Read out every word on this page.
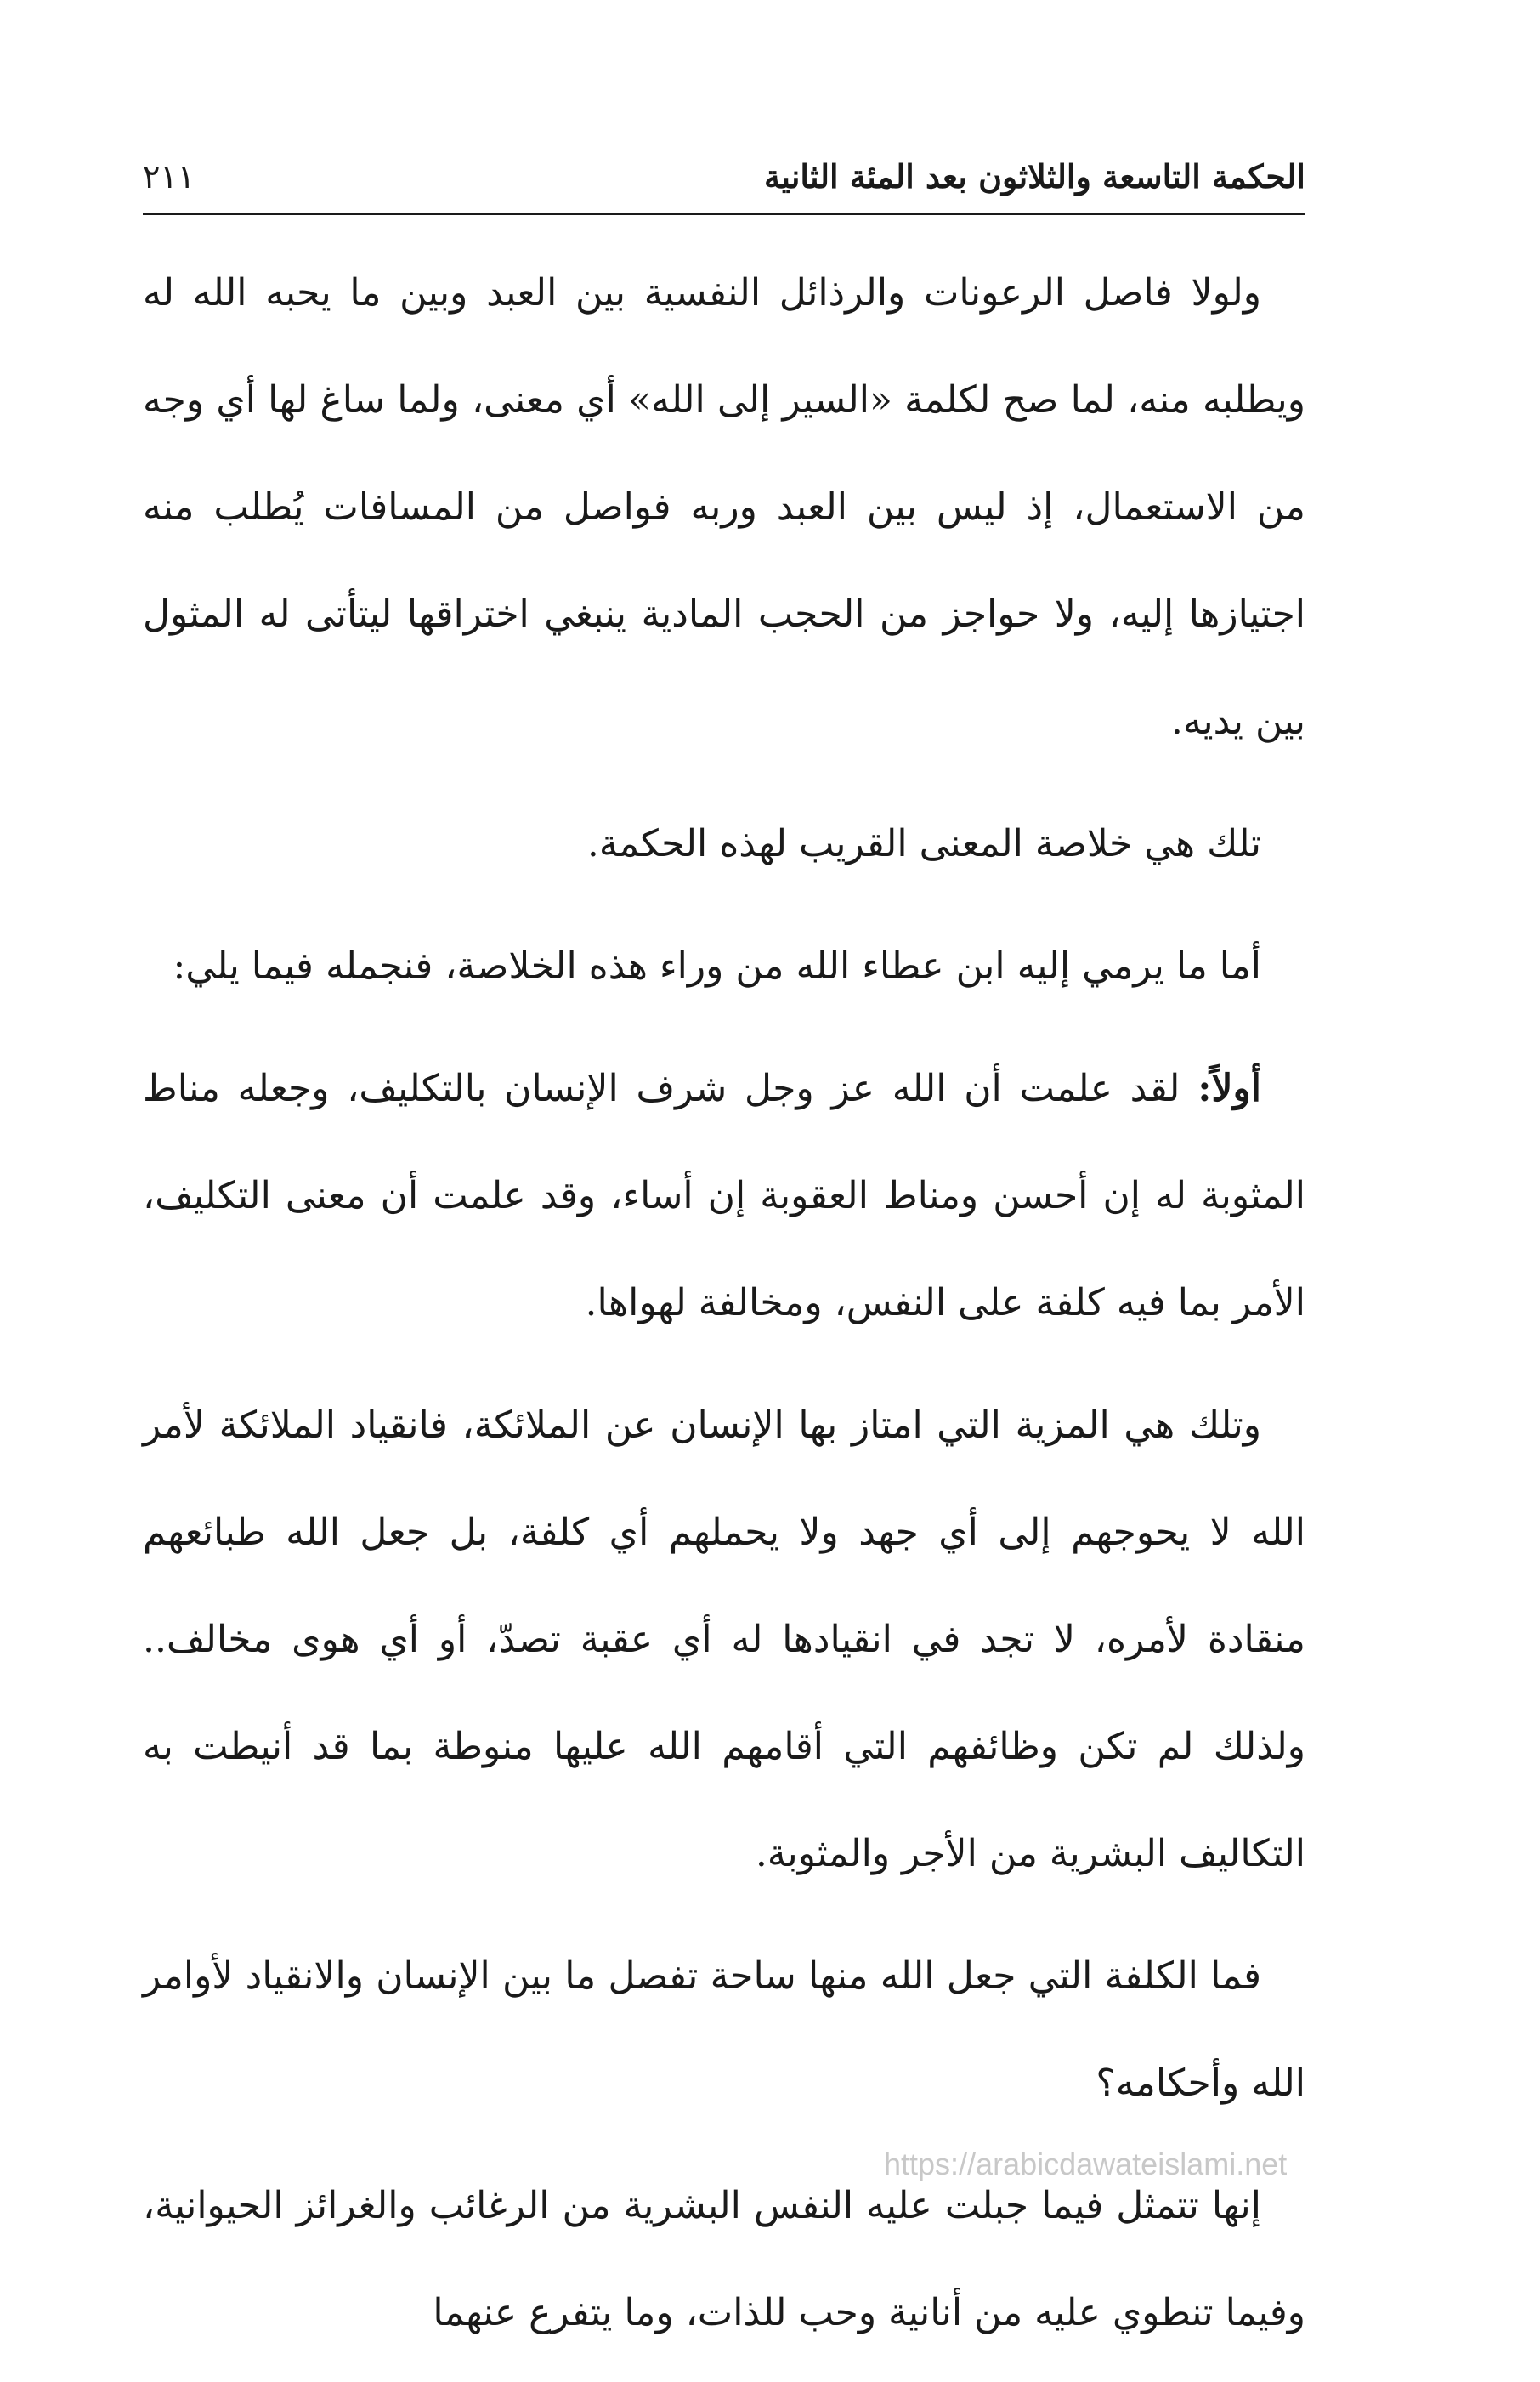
الحكمة التاسعة والثلاثون بعد المئة الثانية
٢١١

ولولا فاصل الرعونات والرذائل النفسية بين العبد وبين ما يحبه الله له ويطلبه منه، لما صح لكلمة «السير إلى الله» أي معنى، ولما ساغ لها أي وجه من الاستعمال، إذ ليس بين العبد وربه فواصل من المسافات يُطلب منه اجتيازها إليه، ولا حواجز من الحجب المادية ينبغي اختراقها ليتأتى له المثول بين يديه.

تلك هي خلاصة المعنى القريب لهذه الحكمة.

أما ما يرمي إليه ابن عطاء الله من وراء هذه الخلاصة، فنجمله فيما يلي:

أولاً: لقد علمت أن الله عز وجل شرف الإنسان بالتكليف، وجعله مناط المثوبة له إن أحسن ومناط العقوبة إن أساء، وقد علمت أن معنى التكليف، الأمر بما فيه كلفة على النفس، ومخالفة لهواها.

وتلك هي المزية التي امتاز بها الإنسان عن الملائكة، فانقياد الملائكة لأمر الله لا يحوجهم إلى أي جهد ولا يحملهم أي كلفة، بل جعل الله طبائعهم منقادة لأمره، لا تجد في انقيادها له أي عقبة تصدّ، أو أي هوى مخالف.. ولذلك لم تكن وظائفهم التي أقامهم الله عليها منوطة بما قد أنيطت به التكاليف البشرية من الأجر والمثوبة.

فما الكلفة التي جعل الله منها ساحة تفصل ما بين الإنسان والانقياد لأوامر الله وأحكامه؟

إنها تتمثل فيما جبلت عليه النفس البشرية من الرغائب والغرائز الحيوانية، وفيما تنطوي عليه من أنانية وحب للذات، وما يتفرع عنهما

https://arabicdawateislami.net
